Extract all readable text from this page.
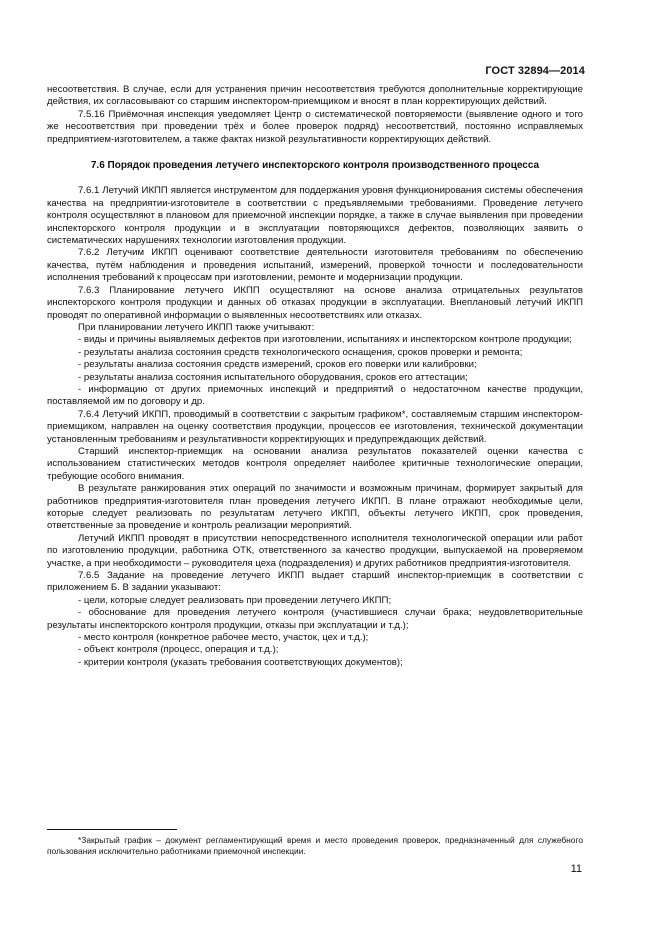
ГОСТ 32894—2014

несоответствия. В случае, если для устранения причин несоответствия требуются дополнительные корректирующие действия, их согласовывают со старшим инспектором-приемщиком и вносят в план корректирующих действий.

7.5.16 Приёмочная инспекция уведомляет Центр о систематической повторяемости (выявление одного и того же несоответствия при проведении трёх и более проверок подряд) несоответствий, постоянно исправляемых предприятием-изготовителем, а также фактах низкой результативности корректирующих действий.

7.6 Порядок проведения летучего инспекторского контроля производственного процесса

7.6.1 Летучий ИКПП является инструментом для поддержания уровня функционирования системы обеспечения качества на предприятии-изготовителе в соответствии с предъявляемыми требованиями. Проведение летучего контроля осуществляют в плановом для приемочной инспекции порядке, а также в случае выявления при проведении инспекторского контроля продукции и в эксплуатации повторяющихся дефектов, позволяющих заявить о систематических нарушениях технологии изготовления продукции.

7.6.2 Летучим ИКПП оценивают соответствие деятельности изготовителя требованиям по обеспечению качества, путём наблюдения и проведения испытаний, измерений, проверкой точности и последовательности исполнения требований к процессам при изготовлении, ремонте и модернизации продукции.

7.6.3 Планирование летучего ИКПП осуществляют на основе анализа отрицательных результатов инспекторского контроля продукции и данных об отказах продукции в эксплуатации. Внеплановый летучий ИКПП проводят по оперативной информации о выявленных несоответствиях или отказах.

При планировании летучего ИКПП также учитывают:

- виды и причины выявляемых дефектов при изготовлении, испытаниях и инспекторском контроле продукции;

- результаты анализа состояния средств технологического оснащения, сроков проверки и ремонта;

- результаты анализа состояния средств измерений, сроков его поверки или калибровки;

- результаты анализа состояния испытательного оборудования, сроков его аттестации;

- информацию от других приемочных инспекций и предприятий о недостаточном качестве продукции, поставляемой им по договору и др.

7.6.4 Летучий ИКПП, проводимый в соответствии с закрытым графиком*, составляемым старшим инспектором-приемщиком, направлен на оценку соответствия продукции, процессов ее изготовления, технической документации установленным требованиям и результативности корректирующих и предупреждающих действий.

Старший инспектор-приемщик на основании анализа результатов показателей оценки качества с использованием статистических методов контроля определяет наиболее критичные технологические операции, требующие особого внимания.

В результате ранжирования этих операций по значимости и возможным причинам, формирует закрытый для работников предприятия-изготовителя план проведения летучего ИКПП. В плане отражают необходимые цели, которые следует реализовать по результатам летучего ИКПП, объекты летучего ИКПП, срок проведения, ответственные за проведение и контроль реализации мероприятий.

Летучий ИКПП проводят в присутствии непосредственного исполнителя технологической операции или работ по изготовлению продукции, работника ОТК, ответственного за качество продукции, выпускаемой на проверяемом участке, а при необходимости – руководителя цеха (подразделения) и других работников предприятия-изготовителя.

7.6.5 Задание на проведение летучего ИКПП выдает старший инспектор-приемщик в соответствии с приложением Б. В задании указывают:

- цели, которые следует реализовать при проведении летучего ИКПП;

- обоснование для проведения летучего контроля (участившиеся случаи брака; неудовлетворительные результаты инспекторского контроля продукции, отказы при эксплуатации и т.д.);

- место контроля (конкретное рабочее место, участок, цех и т.д.);

- объект контроля (процесс, операция и т.д.);

- критерии контроля (указать требования соответствующих документов);

*Закрытый график – документ регламентирующий время и место проведения проверок, предназначенный для служебного пользования исключительно работниками приемочной инспекции.

11
